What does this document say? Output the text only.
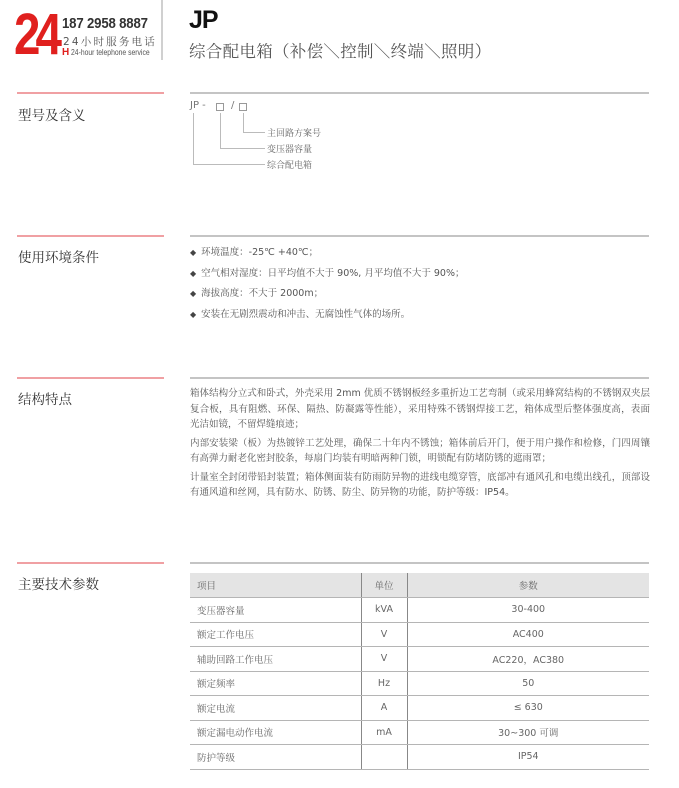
24 187 2958 8887
24小时服务电话
H 24-hour telephone service
JP
综合配电箱（补偿＼控制＼终端＼照明）
型号及含义
JP -	/
主回路方案号
变压器容量
综合配电箱
使用环境条件	◆ 环境温度：-25℃ +40℃；
◆ 空气相对湿度：日平均值不大于 90%, 月平均值不大于 90%；
◆ 海拔高度：不大于 2000m；
◆ 安装在无剧烈震动和冲击、无腐蚀性气体的场所。
结构特点	箱体结构分立式和卧式，外壳采用 2mm 优质不锈钢板经多重折边工艺弯制（或采用蜂窝结构的不锈钢双夹层复合板，具有阻燃、环保、隔热、防凝露等性能），采用特殊不锈钢焊接工艺，箱体成型后整体强度高，表面光洁如镜，不留焊缝痕迹；

内部安装梁（板）为热镀锌工艺处理，确保二十年内不锈蚀；箱体前后开门，便于用户操作和检修，门四周镶有高弹力耐老化密封胶条，每扇门均装有明暗两种门锁，明锁配有防堵防锈的遮雨罩；

计量室全封闭带铅封装置；箱体侧面装有防雨防异物的进线电缆穿管，底部冲有通风孔和电缆出线孔，顶部设有通风道和丝网，具有防水、防锈、防尘、防异物的功能，防护等级：IP54。

主要技术参数	项目	单位	参数
变压器容量	kVA	30-400
额定工作电压	V	AC400
辅助回路工作电压	V	AC220，AC380
额定频率	Hz	50
额定电流	A	≤ 630
额定漏电动作电流	mA	30~300 可调
防护等级		IP54
